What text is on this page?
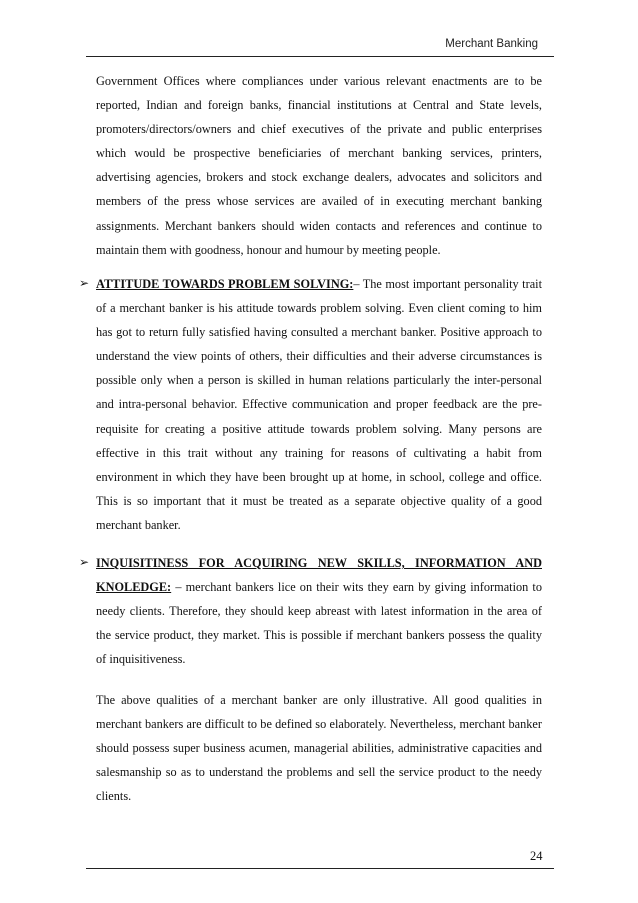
Merchant Banking

Government Offices where compliances under various relevant enactments are to be reported, Indian and foreign banks, financial institutions at Central and State levels, promoters/directors/owners and chief executives of the private and public enterprises which would be prospective beneficiaries of merchant banking services, printers, advertising agencies, brokers and stock exchange dealers, advocates and solicitors and members of the press whose services are availed of in executing merchant banking assignments. Merchant bankers should widen contacts and references and continue to maintain them with goodness, honour and humour by meeting people.

➢ ATTITUDE TOWARDS PROBLEM SOLVING:– The most important personality trait of a merchant banker is his attitude towards problem solving. Even client coming to him has got to return fully satisfied having consulted a merchant banker. Positive approach to understand the view points of others, their difficulties and their adverse circumstances is possible only when a person is skilled in human relations particularly the inter-personal and intra-personal behavior. Effective communication and proper feedback are the pre-requisite for creating a positive attitude towards problem solving. Many persons are effective in this trait without any training for reasons of cultivating a habit from environment in which they have been brought up at home, in school, college and office. This is so important that it must be treated as a separate objective quality of a good merchant banker.

➢ INQUISITINESS FOR ACQUIRING NEW SKILLS, INFORMATION AND KNOLEDGE: – merchant bankers lice on their wits they earn by giving information to needy clients. Therefore, they should keep abreast with latest information in the area of the service product, they market. This is possible if merchant bankers possess the quality of inquisitiveness.

The above qualities of a merchant banker are only illustrative. All good qualities in merchant bankers are difficult to be defined so elaborately. Nevertheless, merchant banker should possess super business acumen, managerial abilities, administrative capacities and salesmanship so as to understand the problems and sell the service product to the needy clients.

24
